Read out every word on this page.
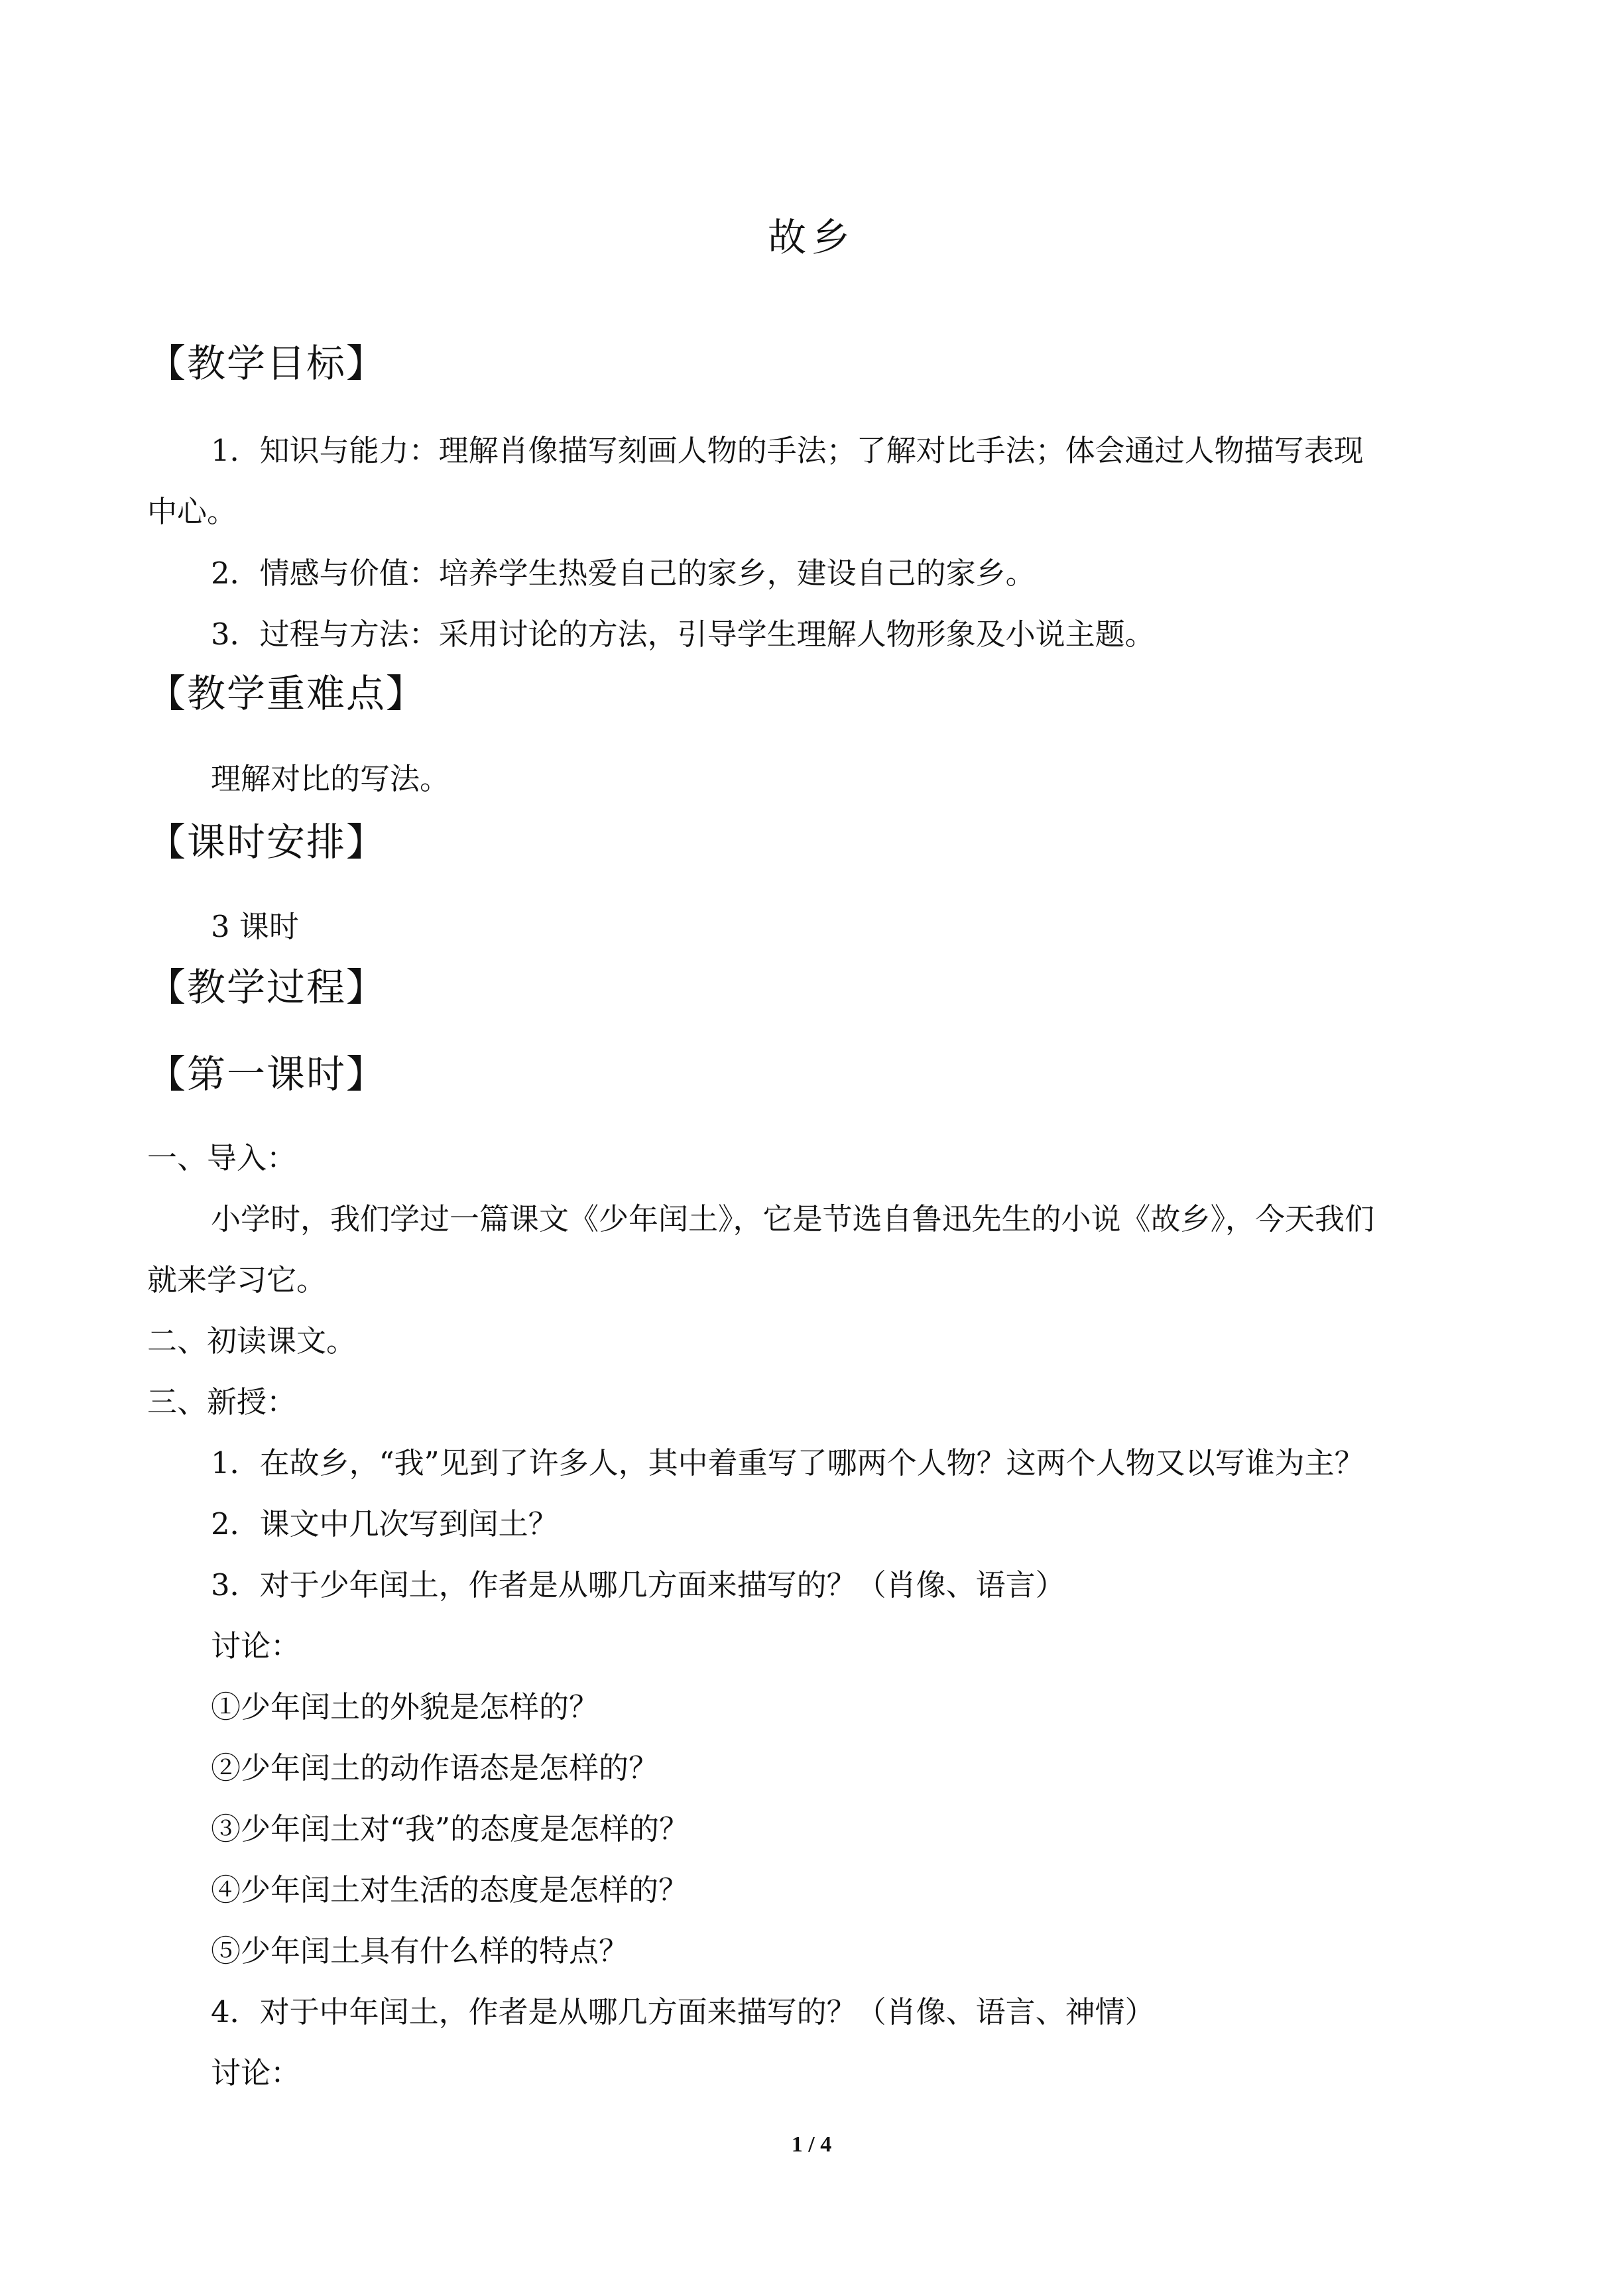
故乡
【教学目标】
1．知识与能力：理解肖像描写刻画人物的手法；了解对比手法；体会通过人物描写表现
中心。
2．情感与价值：培养学生热爱自己的家乡，建设自己的家乡。
3．过程与方法：采用讨论的方法，引导学生理解人物形象及小说主题。
【教学重难点】
理解对比的写法。
【课时安排】
3 课时
【教学过程】
【第一课时】
一、导入：
小学时，我们学过一篇课文《少年闰土》，它是节选自鲁迅先生的小说《故乡》，今天我们
就来学习它。
二、初读课文。
三、新授：
1．在故乡，“我”见到了许多人，其中着重写了哪两个人物？这两个人物又以写谁为主？
2．课文中几次写到闰土？
3．对于少年闰土，作者是从哪几方面来描写的？（肖像、语言）
讨论：
①少年闰土的外貌是怎样的？
②少年闰土的动作语态是怎样的？
③少年闰土对“我”的态度是怎样的？
④少年闰土对生活的态度是怎样的？
⑤少年闰土具有什么样的特点？
4．对于中年闰土，作者是从哪几方面来描写的？（肖像、语言、神情）
讨论：
1 / 4
